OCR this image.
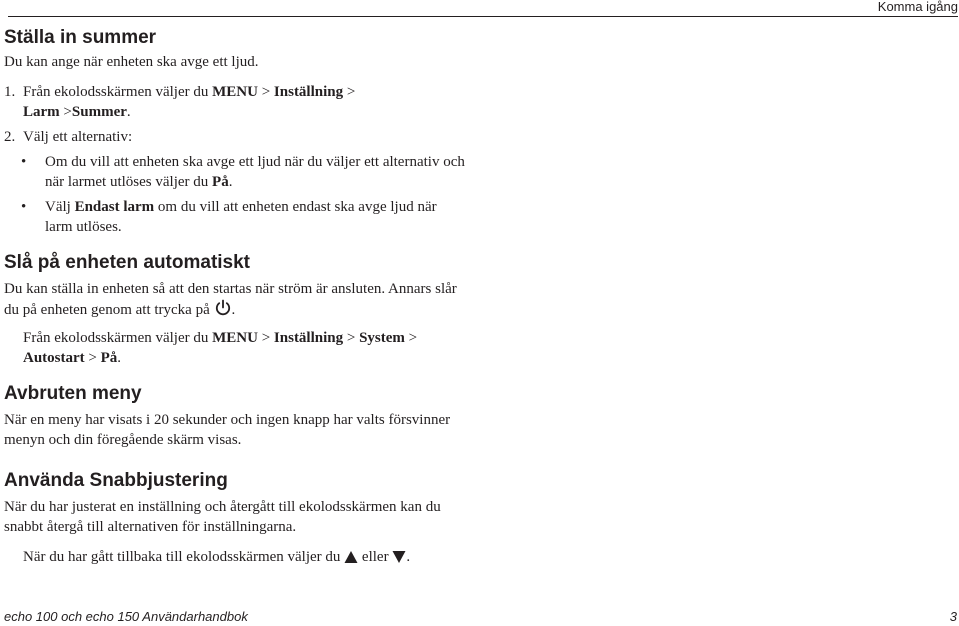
Komma igång
Ställa in summer

Du kan ange när enheten ska avge ett ljud.

1. Från ekolodsskärmen väljer du MENU > Inställning >

Larm >Summer.

2. Välj ett alternativ:

• Om du vill att enheten ska avge ett ljud när du väljer ett alternativ och

när larmet utlöses väljer du På.

• Välj Endast larm om du vill att enheten endast ska avge ljud när

larm utlöses.

Slå på enheten automatiskt

Du kan ställa in enheten så att den startas när ström är ansluten. Annars slår

du på enheten genom att trycka på .

Från ekolodsskärmen väljer du MENU > Inställning > System >

Autostart > På.

Avbruten meny

När en meny har visats i 20 sekunder och ingen knapp har valts försvinner

menyn och din föregående skärm visas.

Använda Snabbjustering

När du har justerat en inställning och återgått till ekolodsskärmen kan du

snabbt återgå till alternativen för inställningarna.

När du har gått tillbaka till ekolodsskärmen väljer du  eller .

echo 100 och echo 150 Användarhandbok	3
